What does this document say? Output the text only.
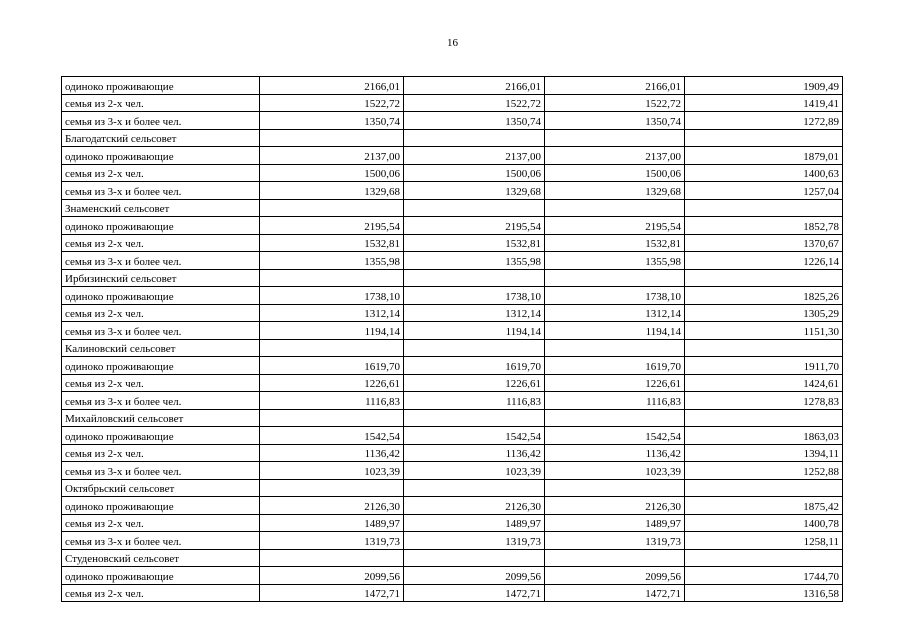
16
одиноко проживающие	2166,01	2166,01	2166,01	1909,49
семья из 2-х чел.	1522,72	1522,72	1522,72	1419,41
семья из 3-х и более чел.	1350,74	1350,74	1350,74	1272,89
Благодатский сельсовет				
одиноко проживающие	2137,00	2137,00	2137,00	1879,01
семья из 2-х чел.	1500,06	1500,06	1500,06	1400,63
семья из 3-х и более чел.	1329,68	1329,68	1329,68	1257,04
Знаменский сельсовет				
одиноко проживающие	2195,54	2195,54	2195,54	1852,78
семья из 2-х чел.	1532,81	1532,81	1532,81	1370,67
семья из 3-х и более чел.	1355,98	1355,98	1355,98	1226,14
Ирбизинский сельсовет				
одиноко проживающие	1738,10	1738,10	1738,10	1825,26
семья из 2-х чел.	1312,14	1312,14	1312,14	1305,29
семья из 3-х и более чел.	1194,14	1194,14	1194,14	1151,30
Калиновский сельсовет				
одиноко проживающие	1619,70	1619,70	1619,70	1911,70
семья из 2-х чел.	1226,61	1226,61	1226,61	1424,61
семья из 3-х и более чел.	1116,83	1116,83	1116,83	1278,83
Михайловский сельсовет				
одиноко проживающие	1542,54	1542,54	1542,54	1863,03
семья из 2-х чел.	1136,42	1136,42	1136,42	1394,11
семья из 3-х и более чел.	1023,39	1023,39	1023,39	1252,88
Октябрьский сельсовет				
одиноко проживающие	2126,30	2126,30	2126,30	1875,42
семья из 2-х чел.	1489,97	1489,97	1489,97	1400,78
семья из 3-х и более чел.	1319,73	1319,73	1319,73	1258,11
Студеновский сельсовет				
одиноко проживающие	2099,56	2099,56	2099,56	1744,70
семья из 2-х чел.	1472,71	1472,71	1472,71	1316,58
